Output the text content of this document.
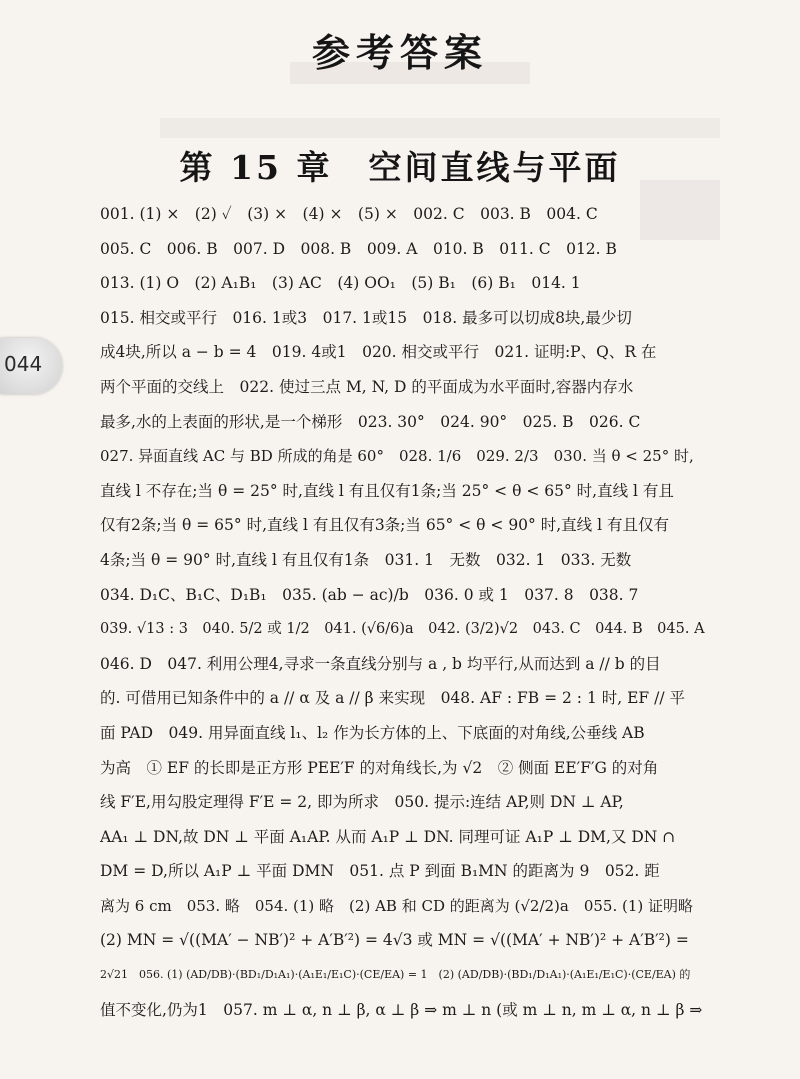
参考答案
第 15 章　空间直线与平面
044
001. (1) ×　(2) ✓　(3) ×　(4) ×　(5) ×　002. C　003. B　004. C
005. C　006. B　007. D　008. B　009. A　010. B　011. C　012. B
013. (1) O　(2) A₁B₁　(3) AC　(4) OO₁　(5) B₁　(6) B₁　014. 1
015. 相交或平行　016. 1或3　017. 1或15　018. 最多可以切成8块,最少切
成4块,所以 a − b = 4　019. 4或1　020. 相交或平行　021. 证明:P、Q、R 在
两个平面的交线上　022. 使过三点 M, N, D 的平面成为水平面时,容器内存水
最多,水的上表面的形状,是一个梯形　023. 30°　024. 90°　025. B　026. C
027. 异面直线 AC 与 BD 所成的角是 60°　028. 1/6　029. 2/3　030. 当 θ < 25° 时,
直线 l 不存在;当 θ = 25° 时,直线 l 有且仅有1条;当 25° < θ < 65° 时,直线 l 有且
仅有2条;当 θ = 65° 时,直线 l 有且仅有3条;当 65° < θ < 90° 时,直线 l 有且仅有
4条;当 θ = 90° 时,直线 l 有且仅有1条　031. 1　无数　032. 1　033. 无数
034. D₁C、B₁C、D₁B₁　035. (ab − ac)/b　036. 0 或 1　037. 8　038. 7
039. √13 : 3　040. 5/2 或 1/2　041. (√6/6)a　042. (3/2)√2　043. C　044. B　045. A
046. D　047. 利用公理4,寻求一条直线分别与 a , b 均平行,从而达到 a // b 的目
的. 可借用已知条件中的 a // α 及 a // β 来实现　048. AF : FB = 2 : 1 时, EF // 平
面 PAD　049. 用异面直线 l₁、l₂ 作为长方体的上、下底面的对角线,公垂线 AB
为高　① EF 的长即是正方形 PEE′F 的对角线长,为 √2　② 侧面 EE′F′G 的对角
线 F′E,用勾股定理得 F′E = 2, 即为所求　050. 提示:连结 AP,则 DN ⊥ AP,
AA₁ ⊥ DN,故 DN ⊥ 平面 A₁AP. 从而 A₁P ⊥ DN. 同理可证 A₁P ⊥ DM,又 DN ∩
DM = D,所以 A₁P ⊥ 平面 DMN　051. 点 P 到面 B₁MN 的距离为 9　052. 距
离为 6 cm　053. 略　054. (1) 略　(2) AB 和 CD 的距离为 (√2/2)a　055. (1) 证明略
(2) MN = √((MA′ − NB′)² + A′B′²) = 4√3 或 MN = √((MA′ + NB′)² + A′B′²) =
2√21　056. (1) (AD/DB)·(BD₁/D₁A₁)·(A₁E₁/E₁C)·(CE/EA) = 1　(2) (AD/DB)·(BD₁/D₁A₁)·(A₁E₁/E₁C)·(CE/EA) 的
值不变化,仍为1　057. m ⊥ α, n ⊥ β, α ⊥ β ⇒ m ⊥ n (或 m ⊥ n, m ⊥ α, n ⊥ β ⇒
